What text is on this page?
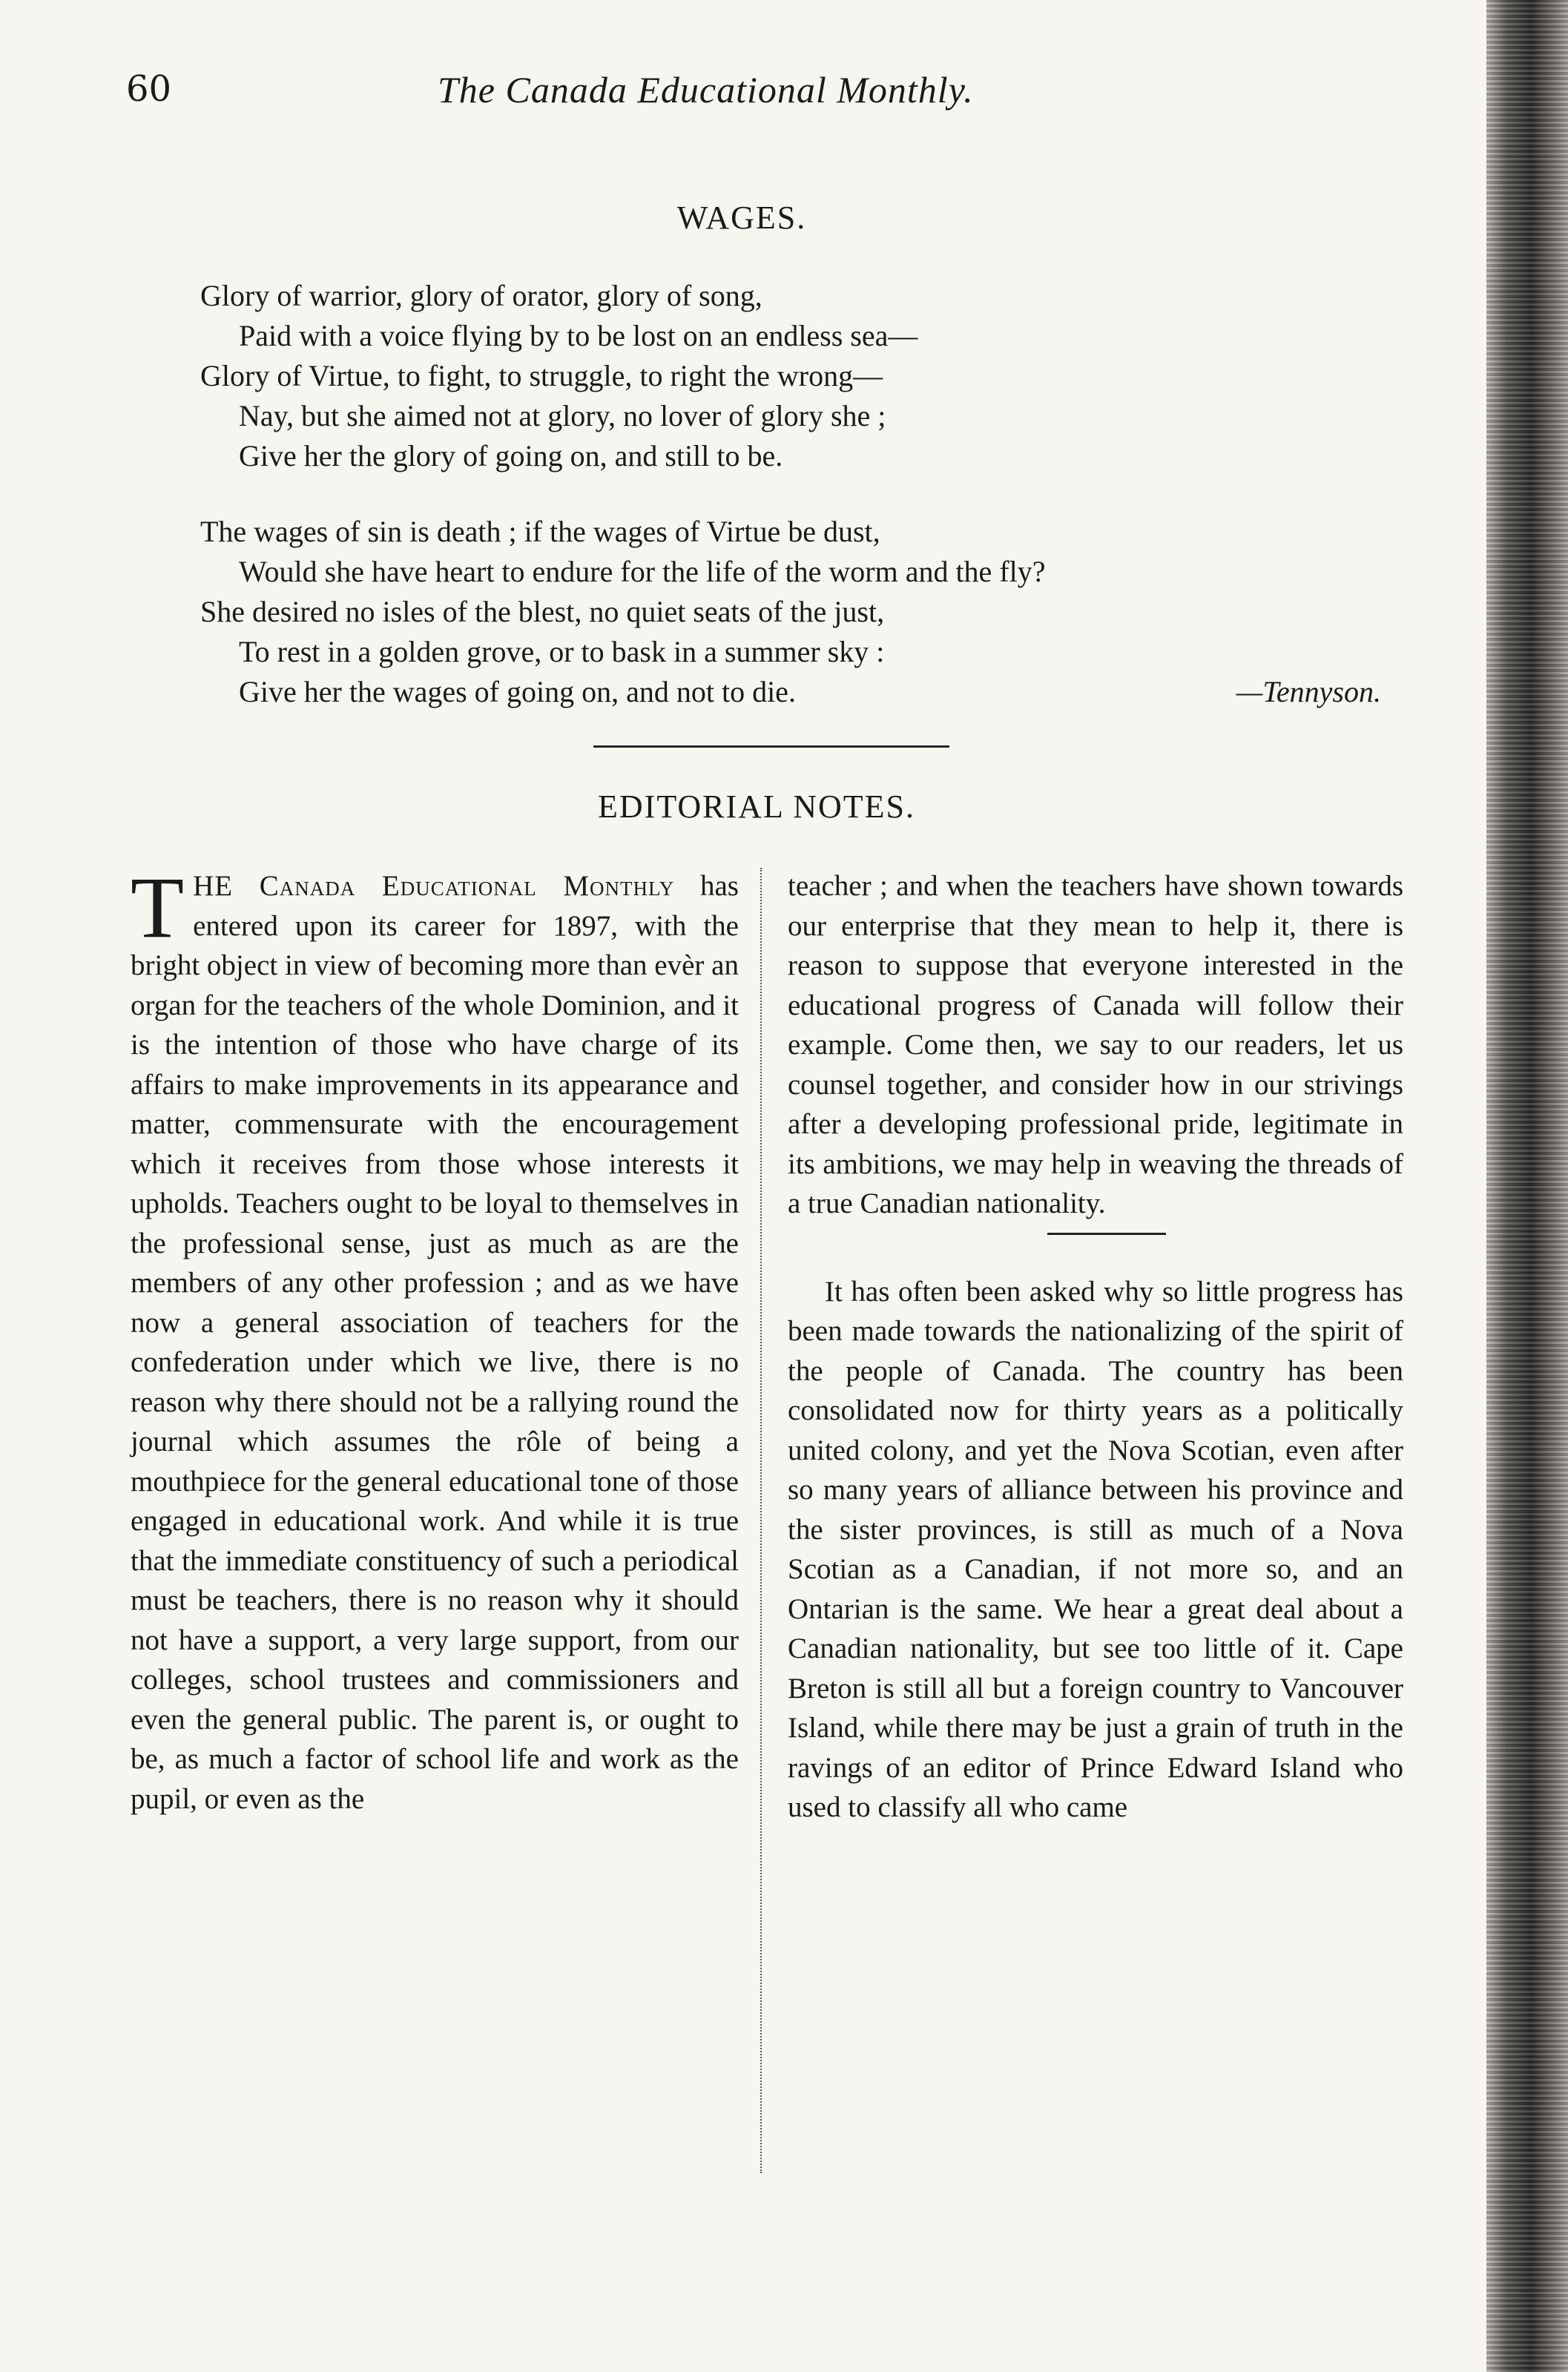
60	The Canada Educational Monthly.
WAGES.
Glory of warrior, glory of orator, glory of song,
Paid with a voice flying by to be lost on an endless sea—
Glory of Virtue, to fight, to struggle, to right the wrong—
Nay, but she aimed not at glory, no lover of glory she ;
Give her the glory of going on, and still to be.
The wages of sin is death ; if the wages of Virtue be dust,
Would she have heart to endure for the life of the worm and the fly?
She desired no isles of the blest, no quiet seats of the just,
To rest in a golden grove, or to bask in a summer sky :
Give her the wages of going on, and not to die.	—Tennyson.
EDITORIAL NOTES.
T HE Canada Educational Monthly has entered upon its career for 1897, with the bright object in view of becoming more than evèr an organ for the teachers of the whole Dominion, and it is the intention of those who have charge of its affairs to make improvements in its appearance and matter, commensurate with the encouragement which it receives from those whose interests it upholds. Teachers ought to be loyal to themselves in the professional sense, just as much as are the members of any other profession ; and as we have now a general association of teachers for the confederation under which we live, there is no reason why there should not be a rallying round the journal which assumes the rôle of being a mouthpiece for the general educational tone of those engaged in educational work. And while it is true that the immediate constituency of such a periodical must be teachers, there is no reason why it should not have a support, a very large support, from our colleges, school trustees and commissioners and even the general public. The parent is, or ought to be, as much a factor of school life and work as the pupil, or even as the
teacher ; and when the teachers have shown towards our enterprise that they mean to help it, there is reason to suppose that everyone interested in the educational progress of Canada will follow their example. Come then, we say to our readers, let us counsel together, and consider how in our strivings after a developing professional pride, legitimate in its ambitions, we may help in weaving the threads of a true Canadian nationality.
It has often been asked why so little progress has been made towards the nationalizing of the spirit of the people of Canada. The country has been consolidated now for thirty years as a politically united colony, and yet the Nova Scotian, even after so many years of alliance between his province and the sister provinces, is still as much of a Nova Scotian as a Canadian, if not more so, and an Ontarian is the same. We hear a great deal about a Canadian nationality, but see too little of it. Cape Breton is still all but a foreign country to Vancouver Island, while there may be just a grain of truth in the ravings of an editor of Prince Edward Island who used to classify all who came
